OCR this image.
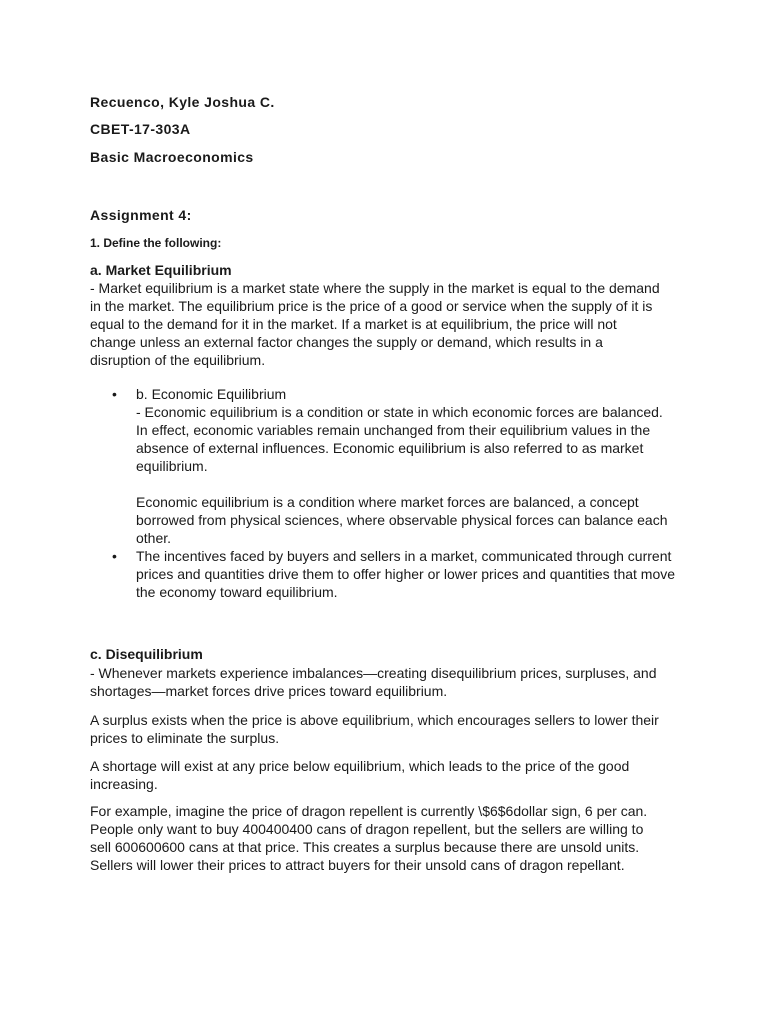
Recuenco, Kyle Joshua C.
CBET-17-303A
Basic Macroeconomics
Assignment 4:
1. Define the following:
a. Market Equilibrium

- Market equilibrium is a market state where the supply in the market is equal to the demand in the market. The equilibrium price is the price of a good or service when the supply of it is equal to the demand for it in the market. If a market is at equilibrium, the price will not change unless an external factor changes the supply or demand, which results in a disruption of the equilibrium.

• b. Economic Equilibrium
- Economic equilibrium is a condition or state in which economic forces are balanced. In effect, economic variables remain unchanged from their equilibrium values in the absence of external influences. Economic equilibrium is also referred to as market equilibrium.
Economic equilibrium is a condition where market forces are balanced, a concept borrowed from physical sciences, where observable physical forces can balance each other.
• The incentives faced by buyers and sellers in a market, communicated through current prices and quantities drive them to offer higher or lower prices and quantities that move the economy toward equilibrium.
c. Disequilibrium

- Whenever markets experience imbalances—creating disequilibrium prices, surpluses, and shortages—market forces drive prices toward equilibrium.

A surplus exists when the price is above equilibrium, which encourages sellers to lower their prices to eliminate the surplus.

A shortage will exist at any price below equilibrium, which leads to the price of the good increasing.

For example, imagine the price of dragon repellent is currently \$6$6dollar sign, 6 per can. People only want to buy 400400400 cans of dragon repellent, but the sellers are willing to sell 600600600 cans at that price. This creates a surplus because there are unsold units. Sellers will lower their prices to attract buyers for their unsold cans of dragon repellant.
